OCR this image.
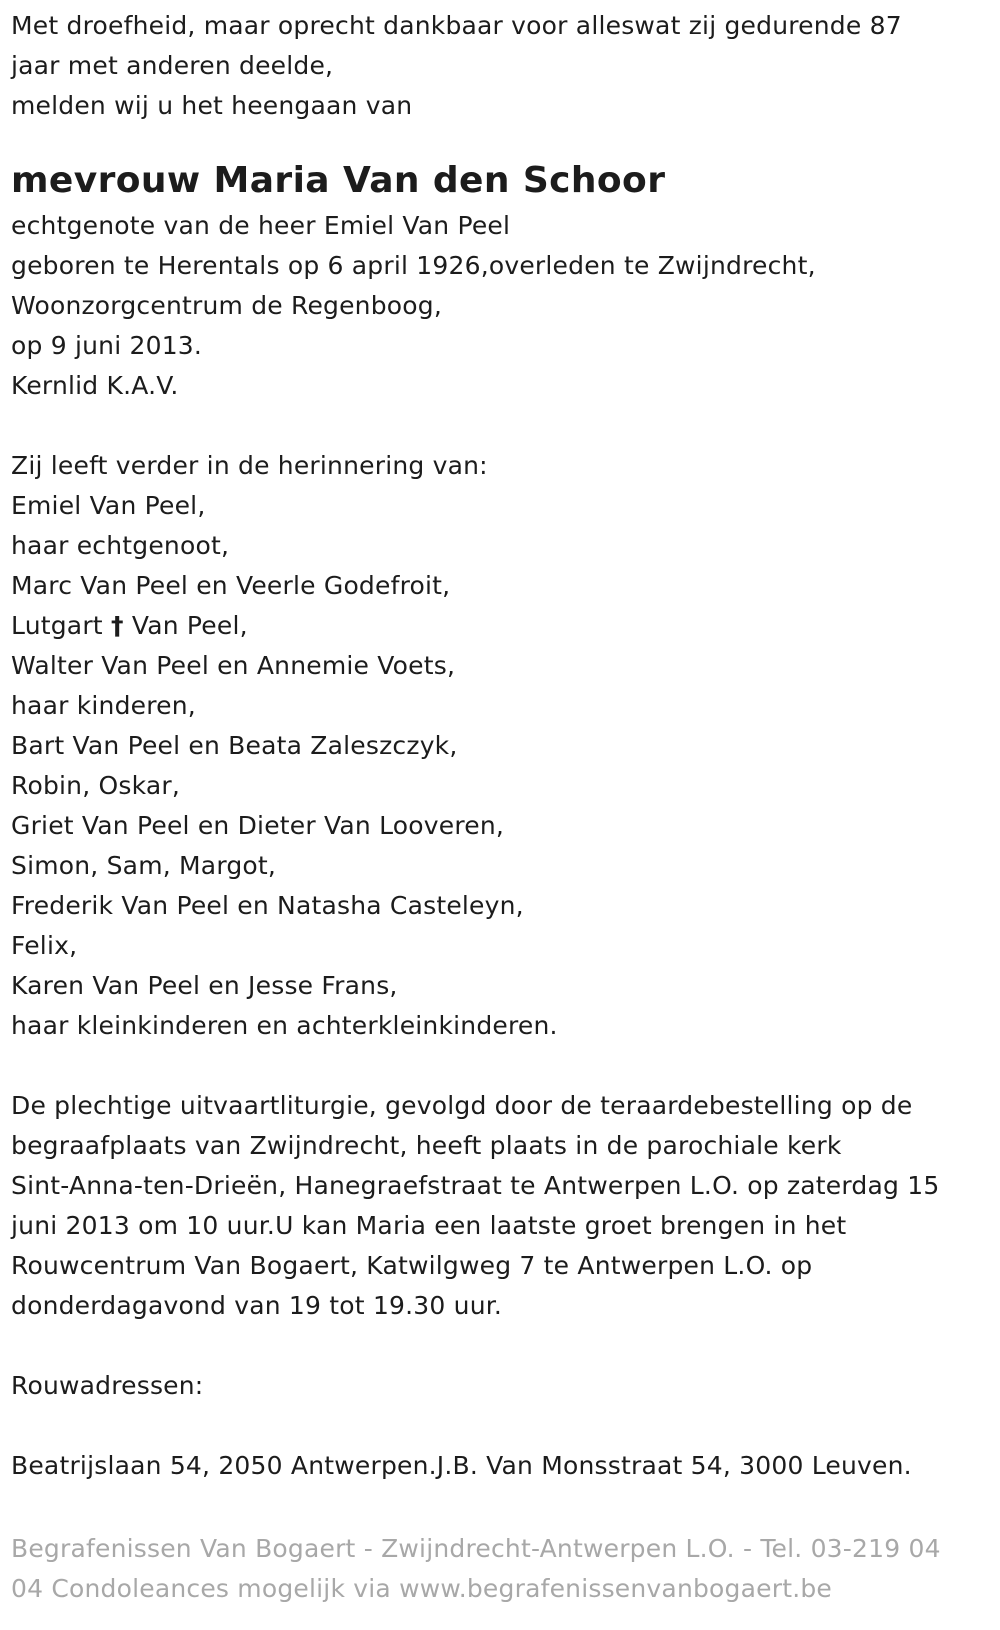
Met droefheid, maar oprecht dankbaar voor alleswat zij gedurende 87
jaar met anderen deelde,
melden wij u het heengaan van
mevrouw Maria Van den Schoor
echtgenote van de heer Emiel Van Peel
geboren te Herentals op 6 april 1926,overleden te Zwijndrecht,
Woonzorgcentrum de Regenboog,
op 9 juni 2013.
Kernlid K.A.V.
Zij leeft verder in de herinnering van:
Emiel Van Peel,
haar echtgenoot,
Marc Van Peel en Veerle Godefroit,
Lutgart † Van Peel,
Walter Van Peel en Annemie Voets,
haar kinderen,
Bart Van Peel en Beata Zaleszczyk,
Robin, Oskar,
Griet Van Peel en Dieter Van Looveren,
Simon, Sam, Margot,
Frederik Van Peel en Natasha Casteleyn,
Felix,
Karen Van Peel en Jesse Frans,
haar kleinkinderen en achterkleinkinderen.
De plechtige uitvaartliturgie, gevolgd door de teraardebestelling op de
begraafplaats van Zwijndrecht, heeft plaats in de parochiale kerk
Sint-Anna-ten-Drieën, Hanegraefstraat te Antwerpen L.O. op zaterdag 15
juni 2013 om 10 uur.U kan Maria een laatste groet brengen in het
Rouwcentrum Van Bogaert, Katwilgweg 7 te Antwerpen L.O. op
donderdagavond van 19 tot 19.30 uur.
Rouwadressen:
Beatrijslaan 54, 2050 Antwerpen.J.B. Van Monsstraat 54, 3000 Leuven.
Begrafenissen Van Bogaert - Zwijndrecht-Antwerpen L.O. - Tel. 03-219 04
04 Condoleances mogelijk via www.begrafenissenvanbogaert.be
